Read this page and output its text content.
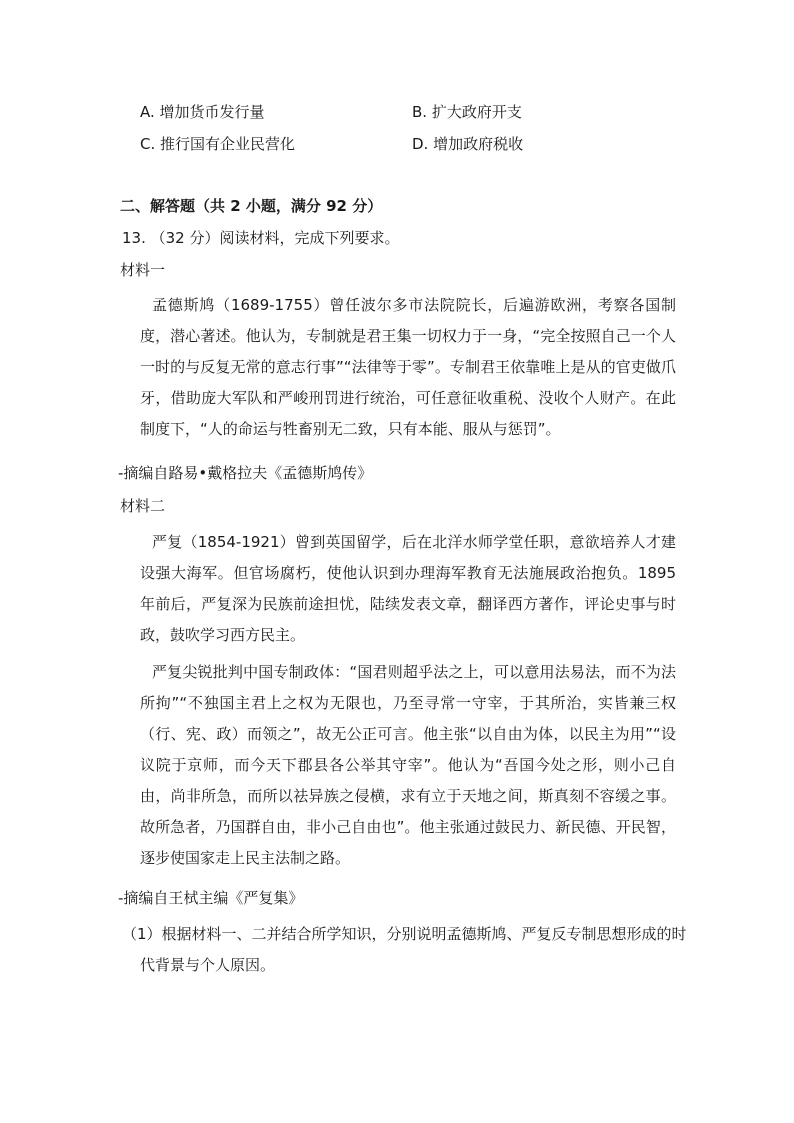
A. 增加货币发行量	B. 扩大政府开支
C. 推行国有企业民营化	D. 增加政府税收
二、解答题（共 2 小题，满分 92 分）
13. （32 分）阅读材料，完成下列要求。
材料一
孟德斯鸠（1689-1755）曾任波尔多市法院院长，后遍游欧洲，考察各国制度，潜心著述。他认为，专制就是君王集一切权力于一身，“完全按照自己一个人一时的与反复无常的意志行事”“法律等于零”。专制君王依靠唯上是从的官吏做爪牙，借助庞大军队和严峻刑罚进行统治，可任意征收重税、没收个人财产。在此制度下，“人的命运与牲畜别无二致，只有本能、服从与惩罚”。
-摘编自路易•戴格拉夫《孟德斯鸠传》
材料二
严复（1854-1921）曾到英国留学，后在北洋水师学堂任职，意欲培养人才建设强大海军。但官场腐朽，使他认识到办理海军教育无法施展政治抱负。1895 年前后，严复深为民族前途担忧，陆续发表文章，翻译西方著作，评论史事与时政，鼓吹学习西方民主。
严复尖锐批判中国专制政体：“国君则超乎法之上，可以意用法易法，而不为法所拘”“不独国主君上之权为无限也，乃至寻常一守宰，于其所治，实皆兼三权（行、宪、政）而领之”，故无公正可言。他主张“以自由为体，以民主为用”“设议院于京师，而今天下郡县各公举其守宰”。他认为“吾国今处之形，则小己自由，尚非所急，而所以祛异族之侵横，求有立于天地之间，斯真刻不容缓之事。故所急者，乃国群自由，非小己自由也”。他主张通过鼓民力、新民德、开民智，逐步使国家走上民主法制之路。
-摘编自王栻主编《严复集》
（1）根据材料一、二并结合所学知识，分别说明孟德斯鸠、严复反专制思想形成的时代背景与个人原因。
